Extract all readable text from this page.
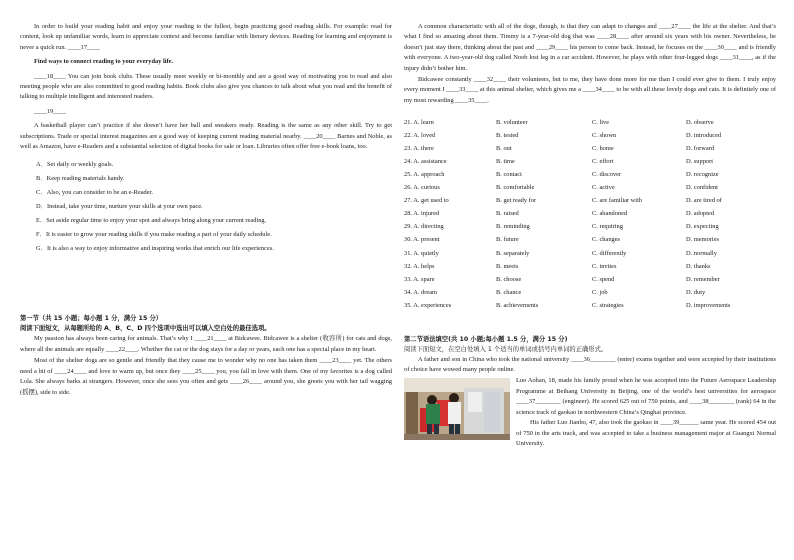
In order to build your reading habit and enjoy your reading to the fullest, begin practicing good reading skills. For example: read for content, look up unfamiliar words, learn to appreciate context and become familiar with literary devices. Reading for learning and enjoyment is never a quick run. ____17____

Find ways to connect reading to your everyday life.

____18____ You can join book clubs. These usually meet weekly or bi-monthly and are a good way of motivating you to read and also meeting people who are also committed to good reading habits. Book clubs also give you chances to talk about what you read and the benefit of talking to multiple intelligent and interested readers.

____19____

A basketball player can’t practice if she doesn’t have her ball and sneakers ready. Reading is the same as any other skill. Try to get subscriptions. Trade or special interest magazines are a good way of keeping current reading material nearby. ____20____ Barnes and Noble, as well as Amazon, have e-Readers and a substantial selection of digital books for sale or loan. Libraries often offer free e-book loans, too.

A．Set daily or weekly goals.
B．Keep reading materials handy.
C．Also, you can consider to be an e-Reader.
D．Instead, take your time, nurture your skills at your own pace.
E．Set aside regular time to enjoy your spot and always bring along your current reading.
F．It is easier to grow your reading skills if you make reading a part of your daily schedule.
G．It is also a way to enjoy informative and inspiring works that enrich our life experiences.

第一节（共 15 小题；每小题 1 分，满分 15 分）

阅读下面短文，从每题所给的 A、B、C、D 四个选项中选出可以填入空白处的最佳选项。

My passion has always been caring for animals. That’s why I ____21____ at Bidcawee. Bidcawee is a shelter (收容所) for cats and dogs, where all the animals are equally ____22____. Whether the cat or the dog stays for a day or years, each one has a special place in my heart.

Most of the shelter dogs are so gentle and friendly that they cause me to wonder why no one has taken them ____23____ yet. The others need a bit of ____24____ and love to warm up, but once they ____25____ you, you fall in love with them. One of my favorites is a dog called Lola. She always barks at strangers. However, once she sees you often and gets ____26____ around you, she greets you with her tail wagging (摇摆), side to side.

A common characteristic with all of the dogs, though, is that they can adapt to changes and ____27____ the life at the shelter. And that’s what I find so amazing about them. Timmy is a 7-year-old dog that was ____28____ after around six years with his owner. Nevertheless, he doesn’t just stay there, thinking about the past and ____29____ his person to come back. Instead, he focuses on the ____30____ and is friendly with everyone. A two-year-old dog called Noob lost leg in a car accident. However, he plays with other four-legged dogs ____31____, as if the injury didn’t bother him.

Bidcawee constantly ____32____ their volunteers, but to me, they have done more for me than I could ever give to them. I truly enjoy every moment I ____33____ at this animal shelter, which gives me a ____34____ to be with all these lovely dogs and cats. It is definitely one of my most rewarding ____35____.

21. A. learn	B. volunteer	C. live	D. observe
22. A. loved	B. tested	C. shown	D. introduced
23. A. there	B. out	C. home	D. forward
24. A. assistance	B. time	C. effort	D. support
25. A. approach	B. contact	C. discover	D. recognize
26. A. curious	B. comfortable	C. active	D. confident
27. A. get used to	B. get ready for	C. are familiar with	D. are tired of
28. A. injured	B. raised	C. abandoned	D. adopted
29. A. directing	B. reminding	C. requiring	D. expecting
30. A. present	B. future	C. changes	D. memories
31. A. quietly	B. separately	C. differently	D. normally
32. A. helps	B. meets	C. invites	D. thanks
33. A. spare	B. choose	C. spend	D. remember
34. A. dream	B. chance	C. job	D. duty
35. A. experiences	B. achievements	C. strategies	D. improvements

第二节语法填空(共 10 小题;每小题 1.5 分，满分 15 分)

阅读下面短文，在空白处填入 1 个适当的单词或括号内单词的正确形式。

A father and son in China who took the national university ____36________ (enter) exams together and were accepted by their institutions of choice have wowed many people online.

Luo Aohan, 18, made his family proud when he was accepted into the Future Aerospace Leadership Programme at Beihang University in Beijing, one of the world’s best universities for aerospace ____37________ (engineer). He scored 625 out of 750 points, and ____38________ (rank) 64 in the science track of gaokao in northwestern China’s Qinghai province.
His father Luo Jianbo, 47, also took the gaokao in ____39______ same year. He scored 454 out of 750 in the arts track, and was accepted to take a business management major at Guangxi Normal University.
